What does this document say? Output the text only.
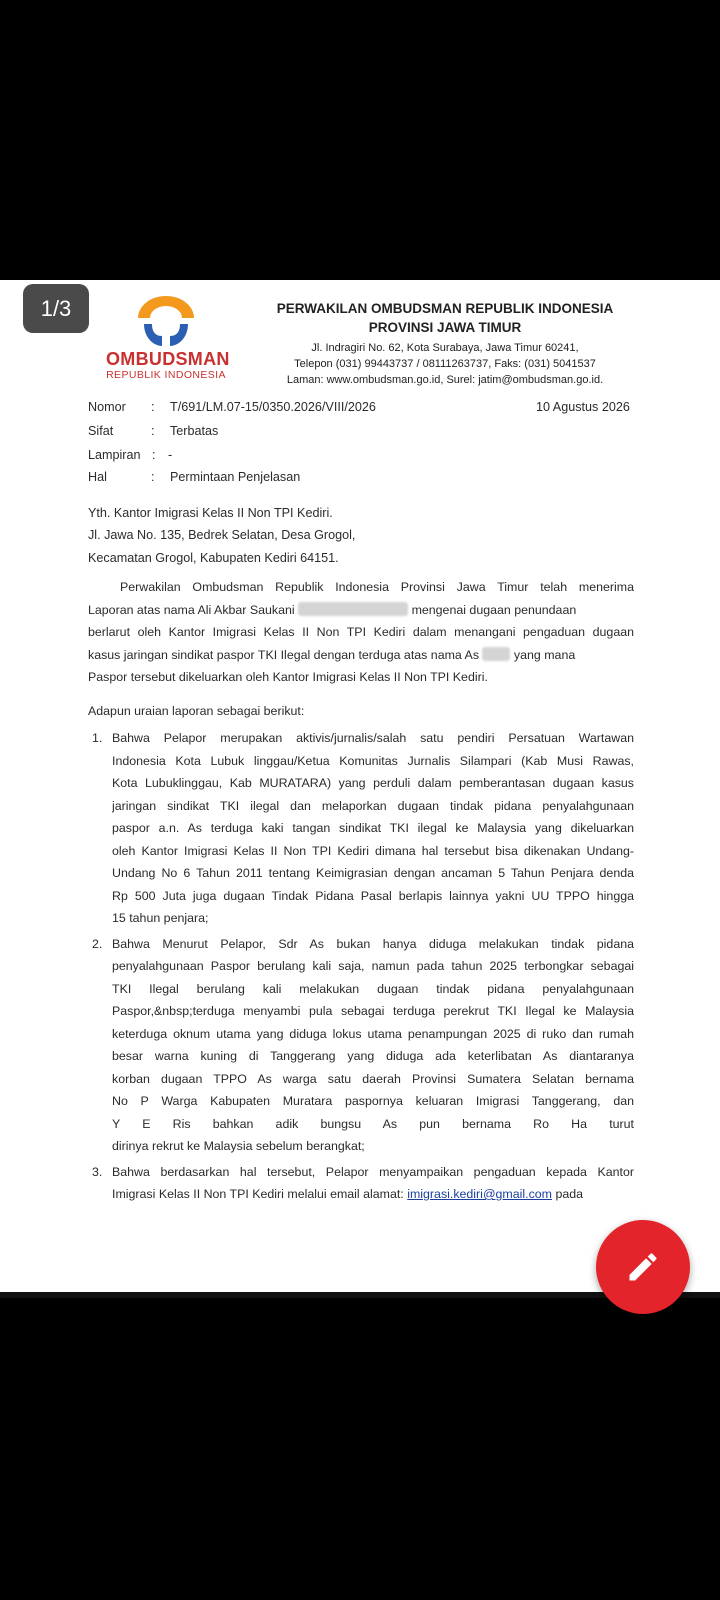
OMBUDSMAN
REPUBLIK INDONESIA
PERWAKILAN OMBUDSMAN REPUBLIK INDONESIA
PROVINSI JAWA TIMUR
Jl. Indragiri No. 62, Kota Surabaya, Jawa Timur 60241,
Telepon (031) 99443737 / 08111263737, Faks: (031) 5041537
Laman: www.ombudsman.go.id, Surel: jatim@ombudsman.go.id.
Nomor : T/691/LM.07-15/0350.2026/VIII/2026	10 Agustus 2026
Sifat	: Terbatas
Lampiran : -
Hal	: Permintaan Penjelasan
Yth. Kantor Imigrasi Kelas II Non TPI Kediri.
Jl. Jawa No. 135, Bedrek Selatan, Desa Grogol,
Kecamatan Grogol, Kabupaten Kediri 64151.
Perwakilan Ombudsman Republik Indonesia Provinsi Jawa Timur telah menerima
Laporan atas nama Ali Akbar Saukani	mengenai dugaan penundaan
berlarut oleh Kantor Imigrasi Kelas II Non TPI Kediri dalam menangani pengaduan dugaan
kasus jaringan sindikat paspor TKI Ilegal dengan terduga atas nama As	yang mana
Paspor tersebut dikeluarkan oleh Kantor Imigrasi Kelas II Non TPI Kediri.
Adapun uraian laporan sebagai berikut:
1. Bahwa Pelapor merupakan aktivis/jurnalis/salah satu pendiri Persatuan Wartawan
Indonesia Kota Lubuk linggau/Ketua Komunitas Jurnalis Silampari (Kab Musi Rawas,
Kota Lubuklinggau, Kab MURATARA) yang perduli dalam pemberantasan dugaan kasus
jaringan sindikat TKI ilegal dan melaporkan dugaan tindak pidana penyalahgunaan
paspor a.n. As terduga kaki tangan sindikat TKI ilegal ke Malaysia yang dikeluarkan
oleh Kantor Imigrasi Kelas II Non TPI Kediri dimana hal tersebut bisa dikenakan Undang-
Undang No 6 Tahun 2011 tentang Keimigrasian dengan ancaman 5 Tahun Penjara denda
Rp 500 Juta juga dugaan Tindak Pidana Pasal berlapis lainnya yakni UU TPPO hingga
15 tahun penjara;
2. Bahwa Menurut Pelapor, Sdr As bukan hanya diduga melakukan tindak pidana
penyalahgunaan Paspor berulang kali saja, namun pada tahun 2025 terbongkar sebagai
TKI Ilegal berulang kali melakukan dugaan tindak pidana penyalahgunaan
Paspor,&nbsp;terduga menyambi pula sebagai terduga perekrut TKI Ilegal ke Malaysia
keterduga oknum utama yang diduga lokus utama penampungan 2025 di ruko dan rumah
besar warna kuning di Tanggerang yang diduga ada keterlibatan As diantaranya
korban dugaan TPPO As warga satu daerah Provinsi Sumatera Selatan bernama
No P Warga Kabupaten Muratara paspornya keluaran Imigrasi Tanggerang, dan
Y E Ris bahkan adik bungsu As pun bernama Ro Ha turut
dirinya rekrut ke Malaysia sebelum berangkat;
3. Bahwa berdasarkan hal tersebut, Pelapor menyampaikan pengaduan kepada Kantor
Imigrasi Kelas II Non TPI Kediri melalui email alamat: imigrasi.kediri@gmail.com pada
1/3
